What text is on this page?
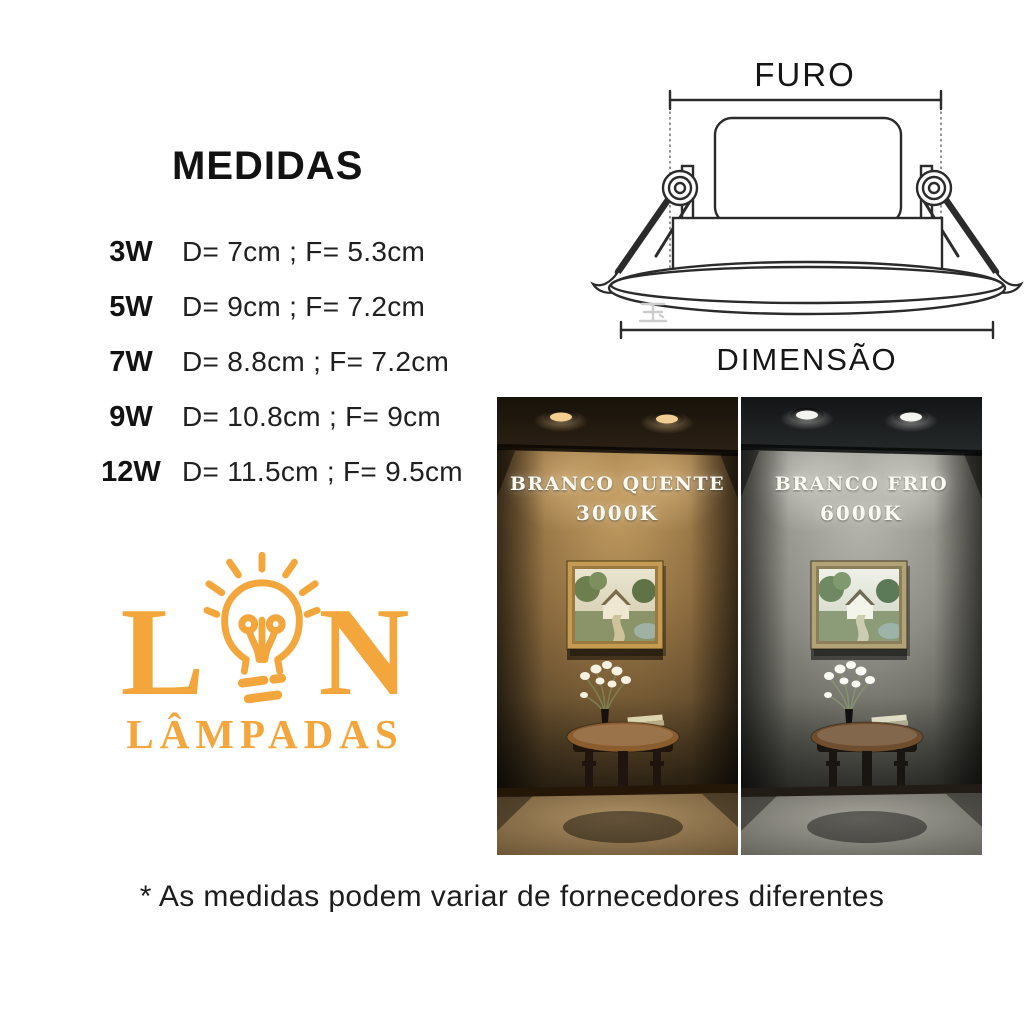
MEDIDAS
3W	D= 7cm ; F= 5.3cm
5W	D= 9cm ; F= 7.2cm
7W	D= 8.8cm ; F= 7.2cm
9W	D= 10.8cm ; F= 9cm
12W D= 11.5cm ; F= 9.5cm
FURO
DIMENSÃO
BRANCO QUENTE
3000K
BRANCO FRIO
6000K
L N
LÂMPADAS
* As medidas podem variar de fornecedores diferentes
